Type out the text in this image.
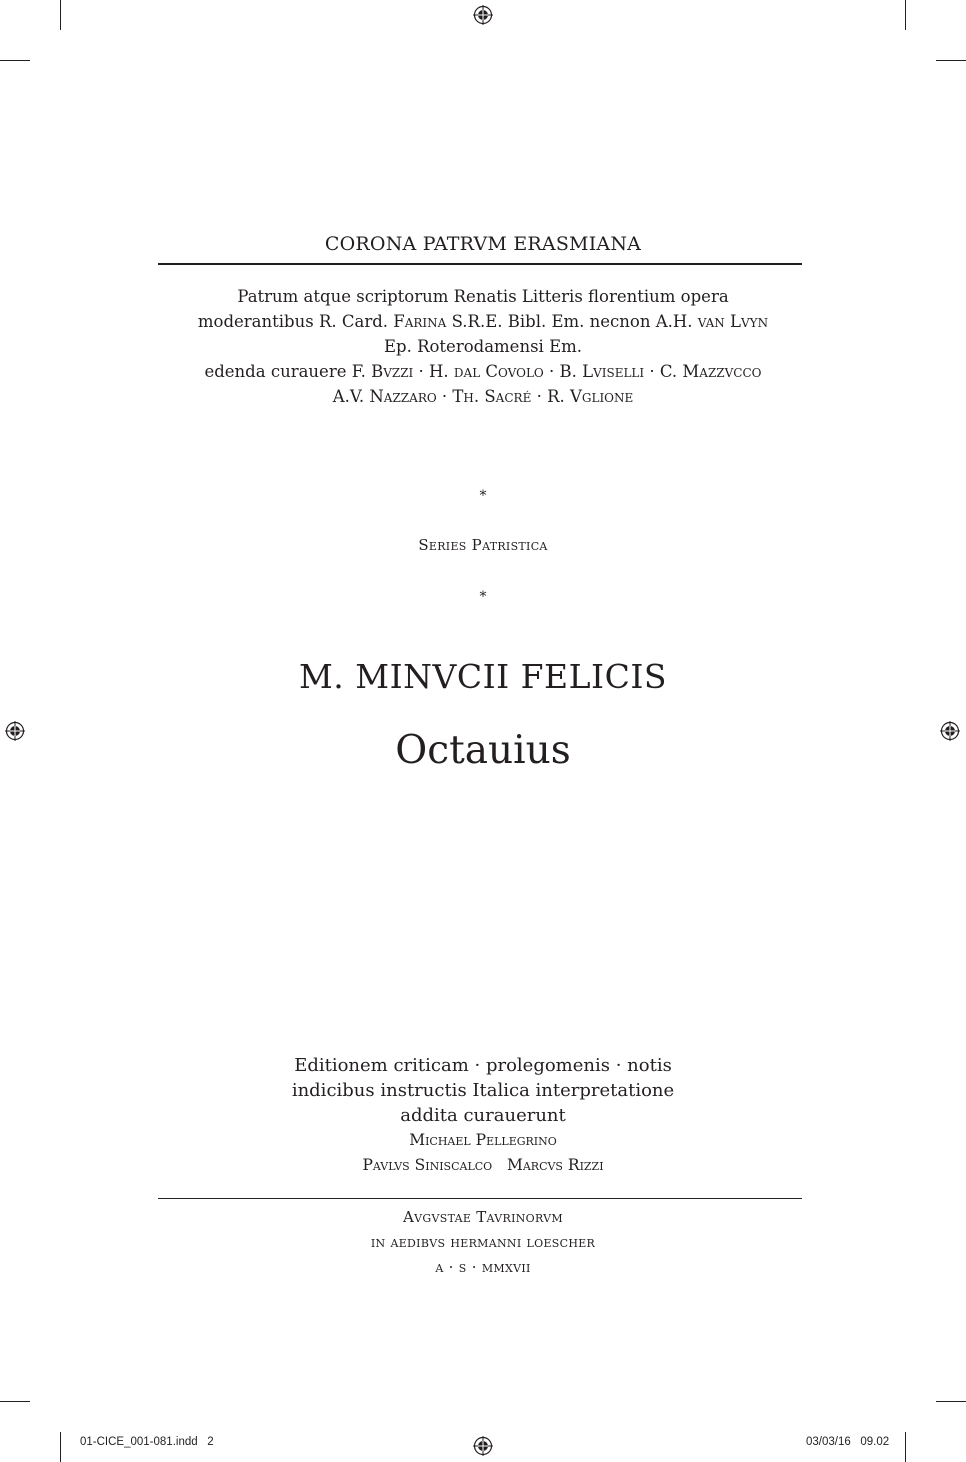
CORONA PATRVM ERASMIANA
Patrum atque scriptorum Renatis Litteris florentium opera
moderantibus R. Card. Farina S.R.E. Bibl. Em. necnon A.H. van Lvyn
Ep. Roterodamensi Em.
edenda curauere F. Bvzzi · H. dal Covolo · B. Lviselli · C. Mazzvcco
A.V. Nazzaro · Th. Sacré · R. Vglione
*
Series Patristica
*
M. MINVCII FELICIS
Octauius
Editionem criticam · prolegomenis · notis
indicibus instructis Italica interpretatione
addita curauerunt
Michael Pellegrino
Pavlvs Siniscalco   Marcvs Rizzi
Avgvstae Tavrinorvm
in aedibvs hermanni loescher
a · s · mmxvii
01-CICE_001-081.indd   2	03/03/16   09.02
